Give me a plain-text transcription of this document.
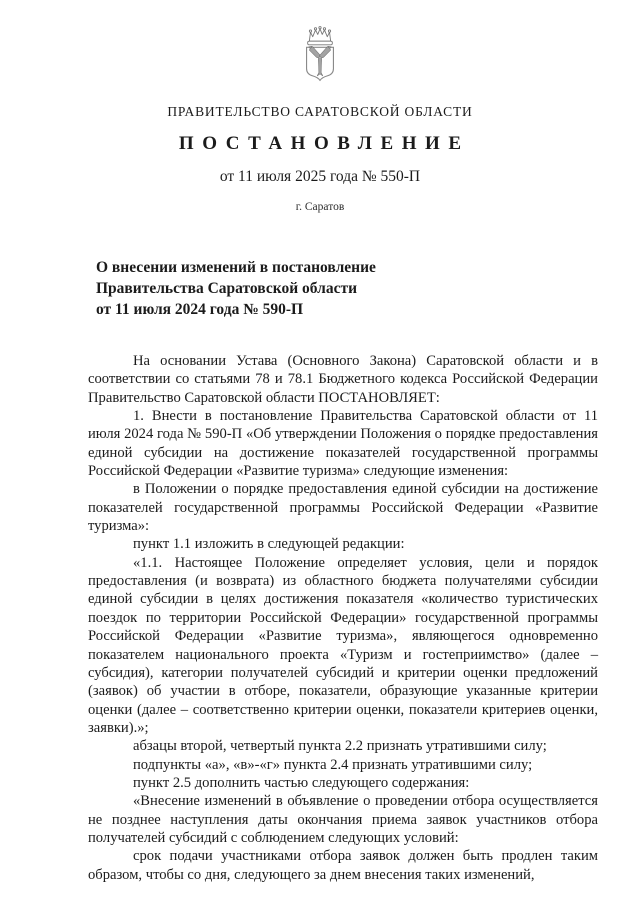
ПРАВИТЕЛЬСТВО САРАТОВСКОЙ ОБЛАСТИ
ПОСТАНОВЛЕНИЕ
от 11 июля 2025 года № 550-П
г. Саратов
О внесении изменений в постановление
Правительства Саратовской области
от 11 июля 2024 года № 590-П

На основании Устава (Основного Закона) Саратовской области и в соответствии со статьями 78 и 78.1 Бюджетного кодекса Российской Федерации Правительство Саратовской области ПОСТАНОВЛЯЕТ:

1. Внести в постановление Правительства Саратовской области от 11 июля 2024 года № 590-П «Об утверждении Положения о порядке предоставления единой субсидии на достижение показателей государственной программы Российской Федерации «Развитие туризма» следующие изменения:

в Положении о порядке предоставления единой субсидии на достижение показателей государственной программы Российской Федерации «Развитие туризма»:

пункт 1.1 изложить в следующей редакции:

«1.1. Настоящее Положение определяет условия, цели и порядок предоставления (и возврата) из областного бюджета получателями субсидии единой субсидии в целях достижения показателя «количество туристических поездок по территории Российской Федерации» государственной программы Российской Федерации «Развитие туризма», являющегося одновременно показателем национального проекта «Туризм и гостеприимство» (далее – субсидия), категории получателей субсидий и критерии оценки предложений (заявок) об участии в отборе, показатели, образующие указанные критерии оценки (далее – соответственно критерии оценки, показатели критериев оценки, заявки).»;

абзацы второй, четвертый пункта 2.2 признать утратившими силу;

подпункты «а», «в»-«г» пункта 2.4 признать утратившими силу;

пункт 2.5 дополнить частью следующего содержания:

«Внесение изменений в объявление о проведении отбора осуществляется не позднее наступления даты окончания приема заявок участников отбора получателей субсидий с соблюдением следующих условий:

срок подачи участниками отбора заявок должен быть продлен таким образом, чтобы со дня, следующего за днем внесения таких изменений,
